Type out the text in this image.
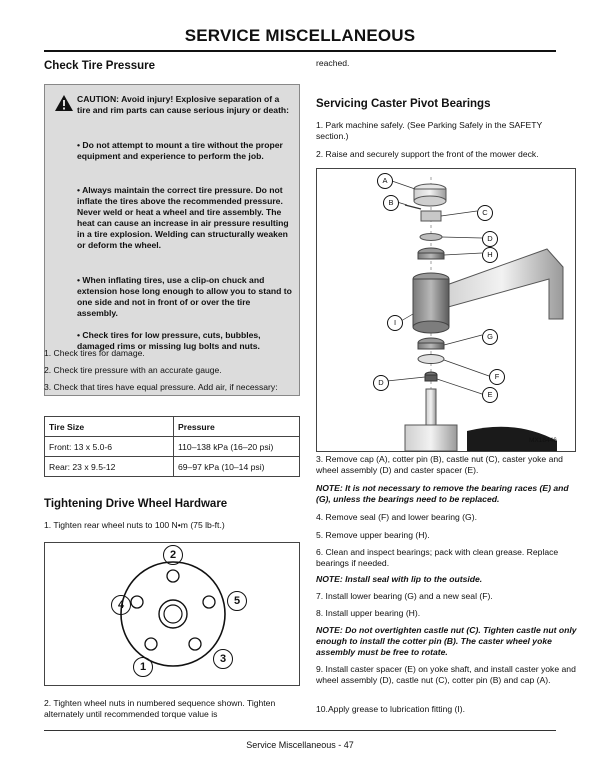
SERVICE MISCELLANEOUS
Check Tire Pressure
CAUTION: Avoid injury! Explosive separation of a tire and rim parts can cause serious injury or death:
• Do not attempt to mount a tire without the proper equipment and experience to perform the job.
• Always maintain the correct tire pressure. Do not inflate the tires above the recommended pressure. Never weld or heat a wheel and tire assembly. The heat can cause an increase in air pressure resulting in a tire explosion. Welding can structurally weaken or deform the wheel.
• When inflating tires, use a clip-on chuck and extension hose long enough to allow you to stand to one side and not in front of or over the tire assembly.
• Check tires for low pressure, cuts, bubbles, damaged rims or missing lug bolts and nuts.
1. Check tires for damage.
2. Check tire pressure with an accurate gauge.
3. Check that tires have equal pressure. Add air, if necessary:
Tire Size	Pressure
Front: 13 x 5.0-6	110–138 kPa (16–20 psi)
Rear: 23 x 9.5-12	69–97 kPa (10–14 psi)
Tightening Drive Wheel Hardware
1. Tighten rear wheel nuts to 100 N•m (75 lb-ft.)
2
5
3
1
4
2. Tighten wheel nuts in numbered sequence shown. Tighten alternately until recommended torque value is
reached.
Servicing Caster Pivot Bearings
1. Park machine safely. (See Parking Safely in the SAFETY section.)
2. Raise and securely support the front of the mower deck.
A
B
C
D
H
I
G
F
D
E
MX18446
3. Remove cap (A), cotter pin (B), castle nut (C), caster yoke and wheel assembly (D) and caster spacer (E).
NOTE: It is not necessary to remove the bearing races (E) and (G), unless the bearings need to be replaced.
4. Remove seal (F) and lower bearing (G).
5. Remove upper bearing (H).
6. Clean and inspect bearings; pack with clean grease. Replace bearings if needed.
NOTE: Install seal with lip to the outside.
7. Install lower bearing (G) and a new seal (F).
8. Install upper bearing (H).
NOTE: Do not overtighten castle nut (C). Tighten castle nut only enough to install the cotter pin (B). The caster wheel yoke assembly must be free to rotate.
9. Install caster spacer (E) on yoke shaft, and install caster yoke and wheel assembly (D), castle nut (C), cotter pin (B) and cap (A).
10.Apply grease to lubrication fitting (I).
Service Miscellaneous - 47
